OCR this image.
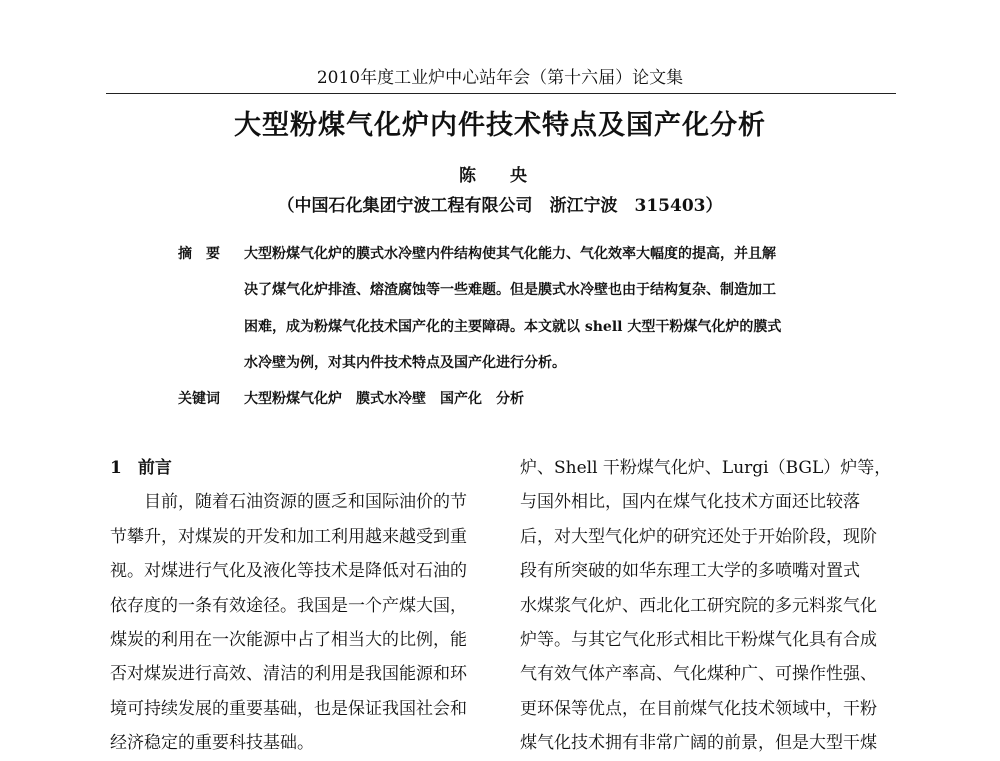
2010年度工业炉中心站年会（第十六届）论文集
大型粉煤气化炉内件技术特点及国产化分析
陈 央
（中国石化集团宁波工程有限公司　浙江宁波　315403）
摘要 大型粉煤气化炉的膜式水冷壁内件结构使其气化能力、气化效率大幅度的提高，并且解
决了煤气化炉排渣、熔渣腐蚀等一些难题。但是膜式水冷壁也由于结构复杂、制造加工
困难，成为粉煤气化技术国产化的主要障碍。本文就以 shell 大型干粉煤气化炉的膜式
水冷壁为例，对其内件技术特点及国产化进行分析。
关键词 大型粉煤气化炉　膜式水冷壁　国产化　分析
1 前言
目前，随着石油资源的匮乏和国际油价的节
节攀升，对煤炭的开发和加工利用越来越受到重
视。对煤进行气化及液化等技术是降低对石油的
依存度的一条有效途径。我国是一个产煤大国，
煤炭的利用在一次能源中占了相当大的比例，能
否对煤炭进行高效、清洁的利用是我国能源和环
境可持续发展的重要基础，也是保证我国社会和
经济稳定的重要科技基础。
炉、Shell 干粉煤气化炉、Lurgi（BGL）炉等，
与国外相比，国内在煤气化技术方面还比较落
后，对大型气化炉的研究还处于开始阶段，现阶
段有所突破的如华东理工大学的多喷嘴对置式
水煤浆气化炉、西北化工研究院的多元料浆气化
炉等。与其它气化形式相比干粉煤气化具有合成
气有效气体产率高、气化煤种广、可操作性强、
更环保等优点，在目前煤气化技术领域中，干粉
煤气化技术拥有非常广阔的前景，但是大型干煤
